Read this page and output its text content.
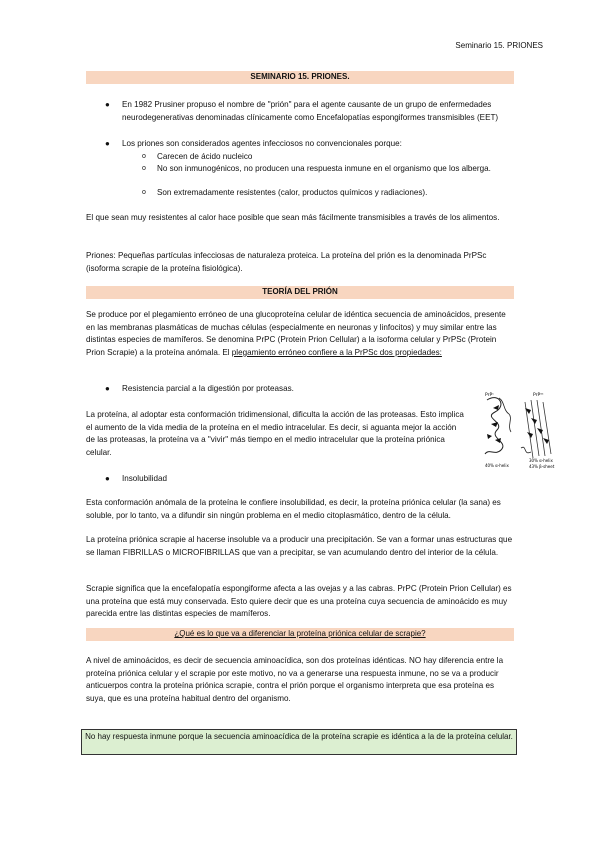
Seminario 15. PRIONES
SEMINARIO 15. PRIONES.
● En 1982 Prusiner propuso el nombre de "prión" para el agente causante de un grupo de enfermedades neurodegenerativas denominadas clínicamente como Encefalopatías espongiformes transmisibles (EET)
● Los priones son considerados agentes infecciosos no convencionales porque:
o Carecen de ácido nucleico
o No son inmunogénicos, no producen una respuesta inmune en el organismo que los alberga.
o Son extremadamente resistentes (calor, productos químicos y radiaciones).
El que sean muy resistentes al calor hace posible que sean más fácilmente transmisibles a través de los alimentos.
Priones: Pequeñas partículas infecciosas de naturaleza proteica. La proteína del prión es la denominada PrPSc (isoforma scrapie de la proteína fisiológica).
TEORÍA DEL PRIÓN
Se produce por el plegamiento erróneo de una glucoproteína celular de idéntica secuencia de aminoácidos, presente en las membranas plasmáticas de muchas células (especialmente en neuronas y linfocitos) y muy similar entre las distintas especies de mamíferos. Se denomina PrPC (Protein Prion Cellular) a la isoforma celular y PrPSc (Protein Prion Scrapie) a la proteína anómala. El plegamiento erróneo confiere a la PrPSc dos propiedades:
● Resistencia parcial a la digestión por proteasas.
La proteína, al adoptar esta conformación tridimensional, dificulta la acción de las proteasas. Esto implica el aumento de la vida media de la proteína en el medio intracelular. Es decir, si aguanta mejor la acción de las proteasas, la proteína va a "vivir" más tiempo en el medio intracelular que la proteína priónica celular.
PrPᶜ	PrPˢᶜ
40% α-helix
30% α-helix
43% β-sheet
● Insolubilidad
Esta conformación anómala de la proteína le confiere insolubilidad, es decir, la proteína priónica celular (la sana) es soluble, por lo tanto, va a difundir sin ningún problema en el medio citoplasmático, dentro de la célula.
La proteína priónica scrapie al hacerse insoluble va a producir una precipitación. Se van a formar unas estructuras que se llaman FIBRILLAS o MICROFIBRILLAS que van a precipitar, se van acumulando dentro del interior de la célula.
Scrapie significa que la encefalopatía espongiforme afecta a las ovejas y a las cabras. PrPC (Protein Prion Cellular) es una proteína que está muy conservada. Esto quiere decir que es una proteína cuya secuencia de aminoácido es muy parecida entre las distintas especies de mamíferos.
¿Qué es lo que va a diferenciar la proteína priónica celular de scrapie?
A nivel de aminoácidos, es decir de secuencia aminoacídica, son dos proteínas idénticas. NO hay diferencia entre la proteína priónica celular y el scrapie por este motivo, no va a generarse una respuesta inmune, no se va a producir anticuerpos contra la proteína priónica scrapie, contra el prión porque el organismo interpreta que esa proteína es suya, que es una proteína habitual dentro del organismo.
No hay respuesta inmune porque la secuencia aminoacídica de la proteína scrapie es idéntica a la de la proteína celular.
